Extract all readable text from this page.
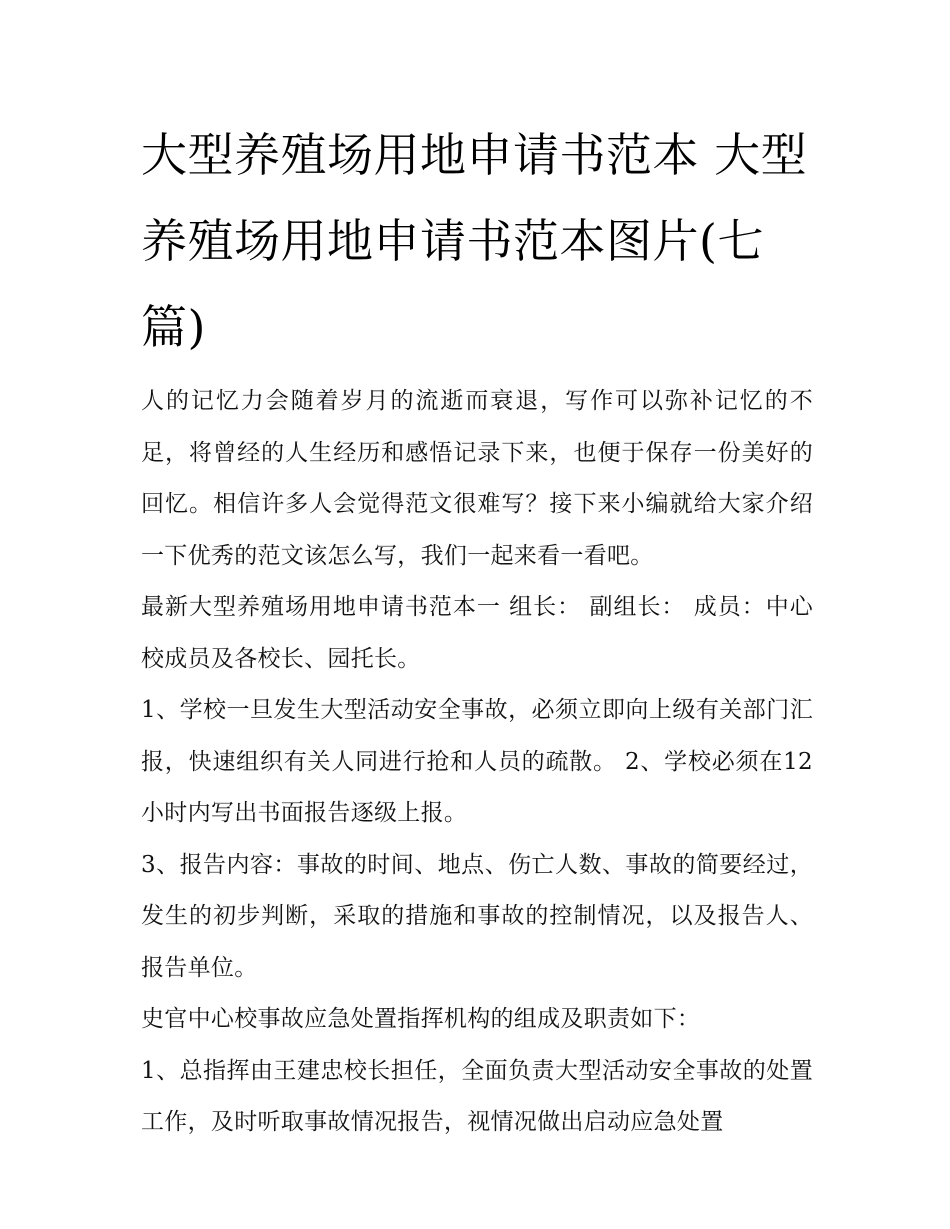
大型养殖场用地申请书范本 大型养殖场用地申请书范本图片(七篇)

人的记忆力会随着岁月的流逝而衰退，写作可以弥补记忆的不足，将曾经的人生经历和感悟记录下来，也便于保存一份美好的回忆。相信许多人会觉得范文很难写？接下来小编就给大家介绍一下优秀的范文该怎么写，我们一起来看一看吧。

最新大型养殖场用地申请书范本一 组长： 副组长： 成员：中心校成员及各校长、园托长。

1、学校一旦发生大型活动安全事故，必须立即向上级有关部门汇报，快速组织有关人同进行抢和人员的疏散。 2、学校必须在12 小时内写出书面报告逐级上报。

3、报告内容：事故的时间、地点、伤亡人数、事故的简要经过，发生的初步判断，采取的措施和事故的控制情况，以及报告人、报告单位。

史官中心校事故应急处置指挥机构的组成及职责如下：

1、总指挥由王建忠校长担任，全面负责大型活动安全事故的处置工作，及时听取事故情况报告，视情况做出启动应急处置
